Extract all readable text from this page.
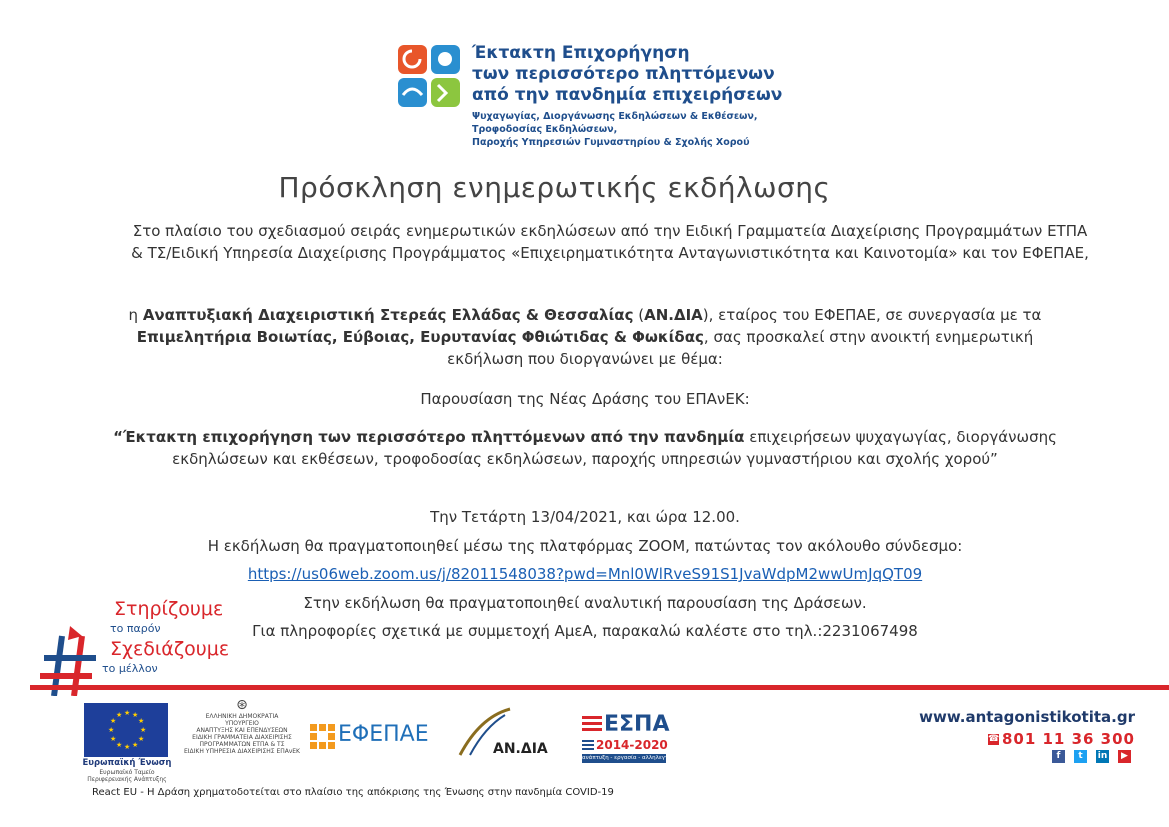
Έκτακτη Επιχορήγηση
των περισσότερο πληττόμενων
από την πανδημία επιχειρήσεων
Ψυχαγωγίας, Διοργάνωσης Εκδηλώσεων & Εκθέσεων,
Τροφοδοσίας Εκδηλώσεων,
Παροχής Υπηρεσιών Γυμναστηρίου & Σχολής Χορού
Πρόσκληση ενημερωτικής εκδήλωσης
Στο πλαίσιο του σχεδιασμού σειράς ενημερωτικών εκδηλώσεων από την Ειδική Γραμματεία Διαχείρισης Προγραμμάτων ΕΤΠΑ & ΤΣ/Ειδική Υπηρεσία Διαχείρισης Προγράμματος «Επιχειρηματικότητα Ανταγωνιστικότητα και Καινοτομία» και τον ΕΦΕΠΑΕ,
η Αναπτυξιακή Διαχειριστική Στερεάς Ελλάδας & Θεσσαλίας (ΑΝ.ΔΙΑ), εταίρος του ΕΦΕΠΑΕ, σε συνεργασία με τα Επιμελητήρια Βοιωτίας, Εύβοιας, Ευρυτανίας Φθιώτιδας & Φωκίδας, σας προσκαλεί στην ανοικτή ενημερωτική εκδήλωση που διοργανώνει με θέμα:
Παρουσίαση της Νέας Δράσης του ΕΠΑνΕΚ:
“Έκτακτη επιχορήγηση των περισσότερο πληττόμενων από την πανδημία επιχειρήσεων ψυχαγωγίας, διοργάνωσης εκδηλώσεων και εκθέσεων, τροφοδοσίας εκδηλώσεων, παροχής υπηρεσιών γυμναστήριου και σχολής χορού”
Την Τετάρτη 13/04/2021, και ώρα 12.00.
Η εκδήλωση θα πραγματοποιηθεί μέσω της πλατφόρμας ZOOM, πατώντας τον ακόλουθο σύνδεσμο:
https://us06web.zoom.us/j/82011548038?pwd=Mnl0WlRveS91S1JvaWdpM2wwUmJqQT09
Στην εκδήλωση θα πραγματοποιηθεί αναλυτική παρουσίαση της Δράσεων.
Για πληροφορίες σχετικά με συμμετοχή ΑμεΑ, παρακαλώ καλέστε στο τηλ.:2231067498
Στηρίζουμε
το παρόν
Σχεδιάζουμε
το μέλλον
★ ★
★
★
★
★
★
★
★
★
★
★
Ευρωπαϊκή Ένωση
Ευρωπαϊκό Ταμείο
Περιφερειακής Ανάπτυξης
⊛
ΕΛΛΗΝΙΚΗ ΔΗΜΟΚΡΑΤΙΑ
ΥΠΟΥΡΓΕΙΟ
ΑΝΑΠΤΥΞΗΣ ΚΑΙ ΕΠΕΝΔΥΣΕΩΝ
ΕΙΔΙΚΗ ΓΡΑΜΜΑΤΕΙΑ ΔΙΑΧΕΙΡΙΣΗΣ
ΠΡΟΓΡΑΜΜΑΤΩΝ ΕΤΠΑ & ΤΣ
ΕΙΔΙΚΗ ΥΠΗΡΕΣΙΑ ΔΙΑΧΕΙΡΙΣΗΣ ΕΠΑνΕΚ
ΕΦΕΠΑΕ
ΑΝ.ΔΙΑ
ΕΣΠΑ
2014-2020
ανάπτυξη - εργασία - αλληλεγγύη
www.antagonistikotita.gr
☎ 801 11 36 300
f	t	in	▶
React EU - Η Δράση χρηματοδοτείται στο πλαίσιο της απόκρισης της Ένωσης στην πανδημία COVID-19
